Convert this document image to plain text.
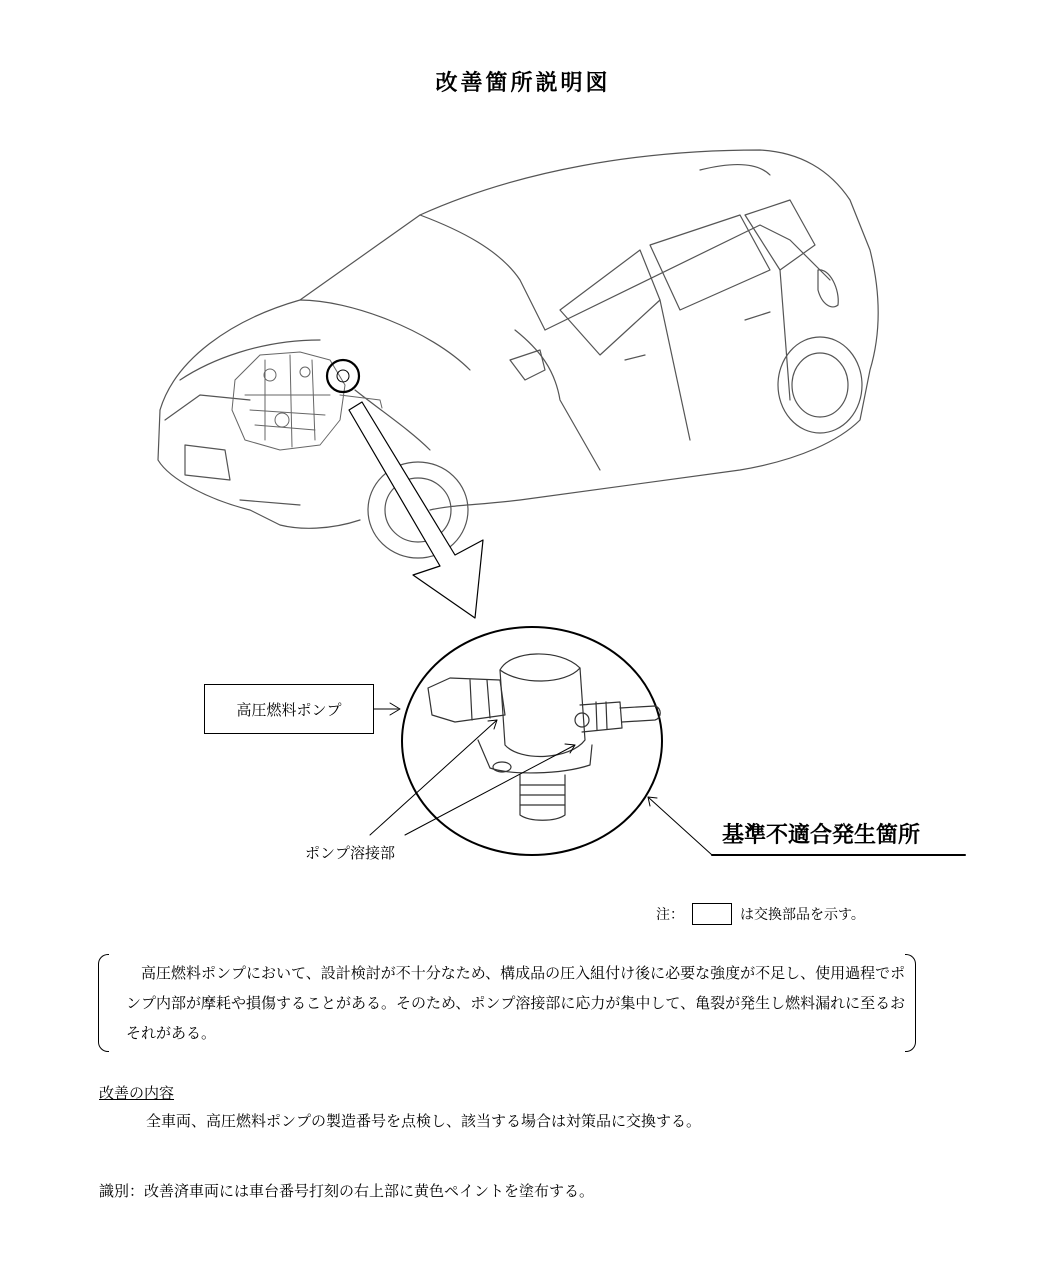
改善箇所説明図
高圧燃料ポンプ
ポンプ溶接部
基準不適合発生箇所
注：	は交換部品を示す。
　高圧燃料ポンプにおいて、設計検討が不十分なため、構成品の圧入組付け後に必要な強度が不足し、使用過程でポンプ内部が摩耗や損傷することがある。そのため、ポンプ溶接部に応力が集中して、亀裂が発生し燃料漏れに至るおそれがある。
改善の内容
全車両、高圧燃料ポンプの製造番号を点検し、該当する場合は対策品に交換する。
識別：改善済車両には車台番号打刻の右上部に黄色ペイントを塗布する。
